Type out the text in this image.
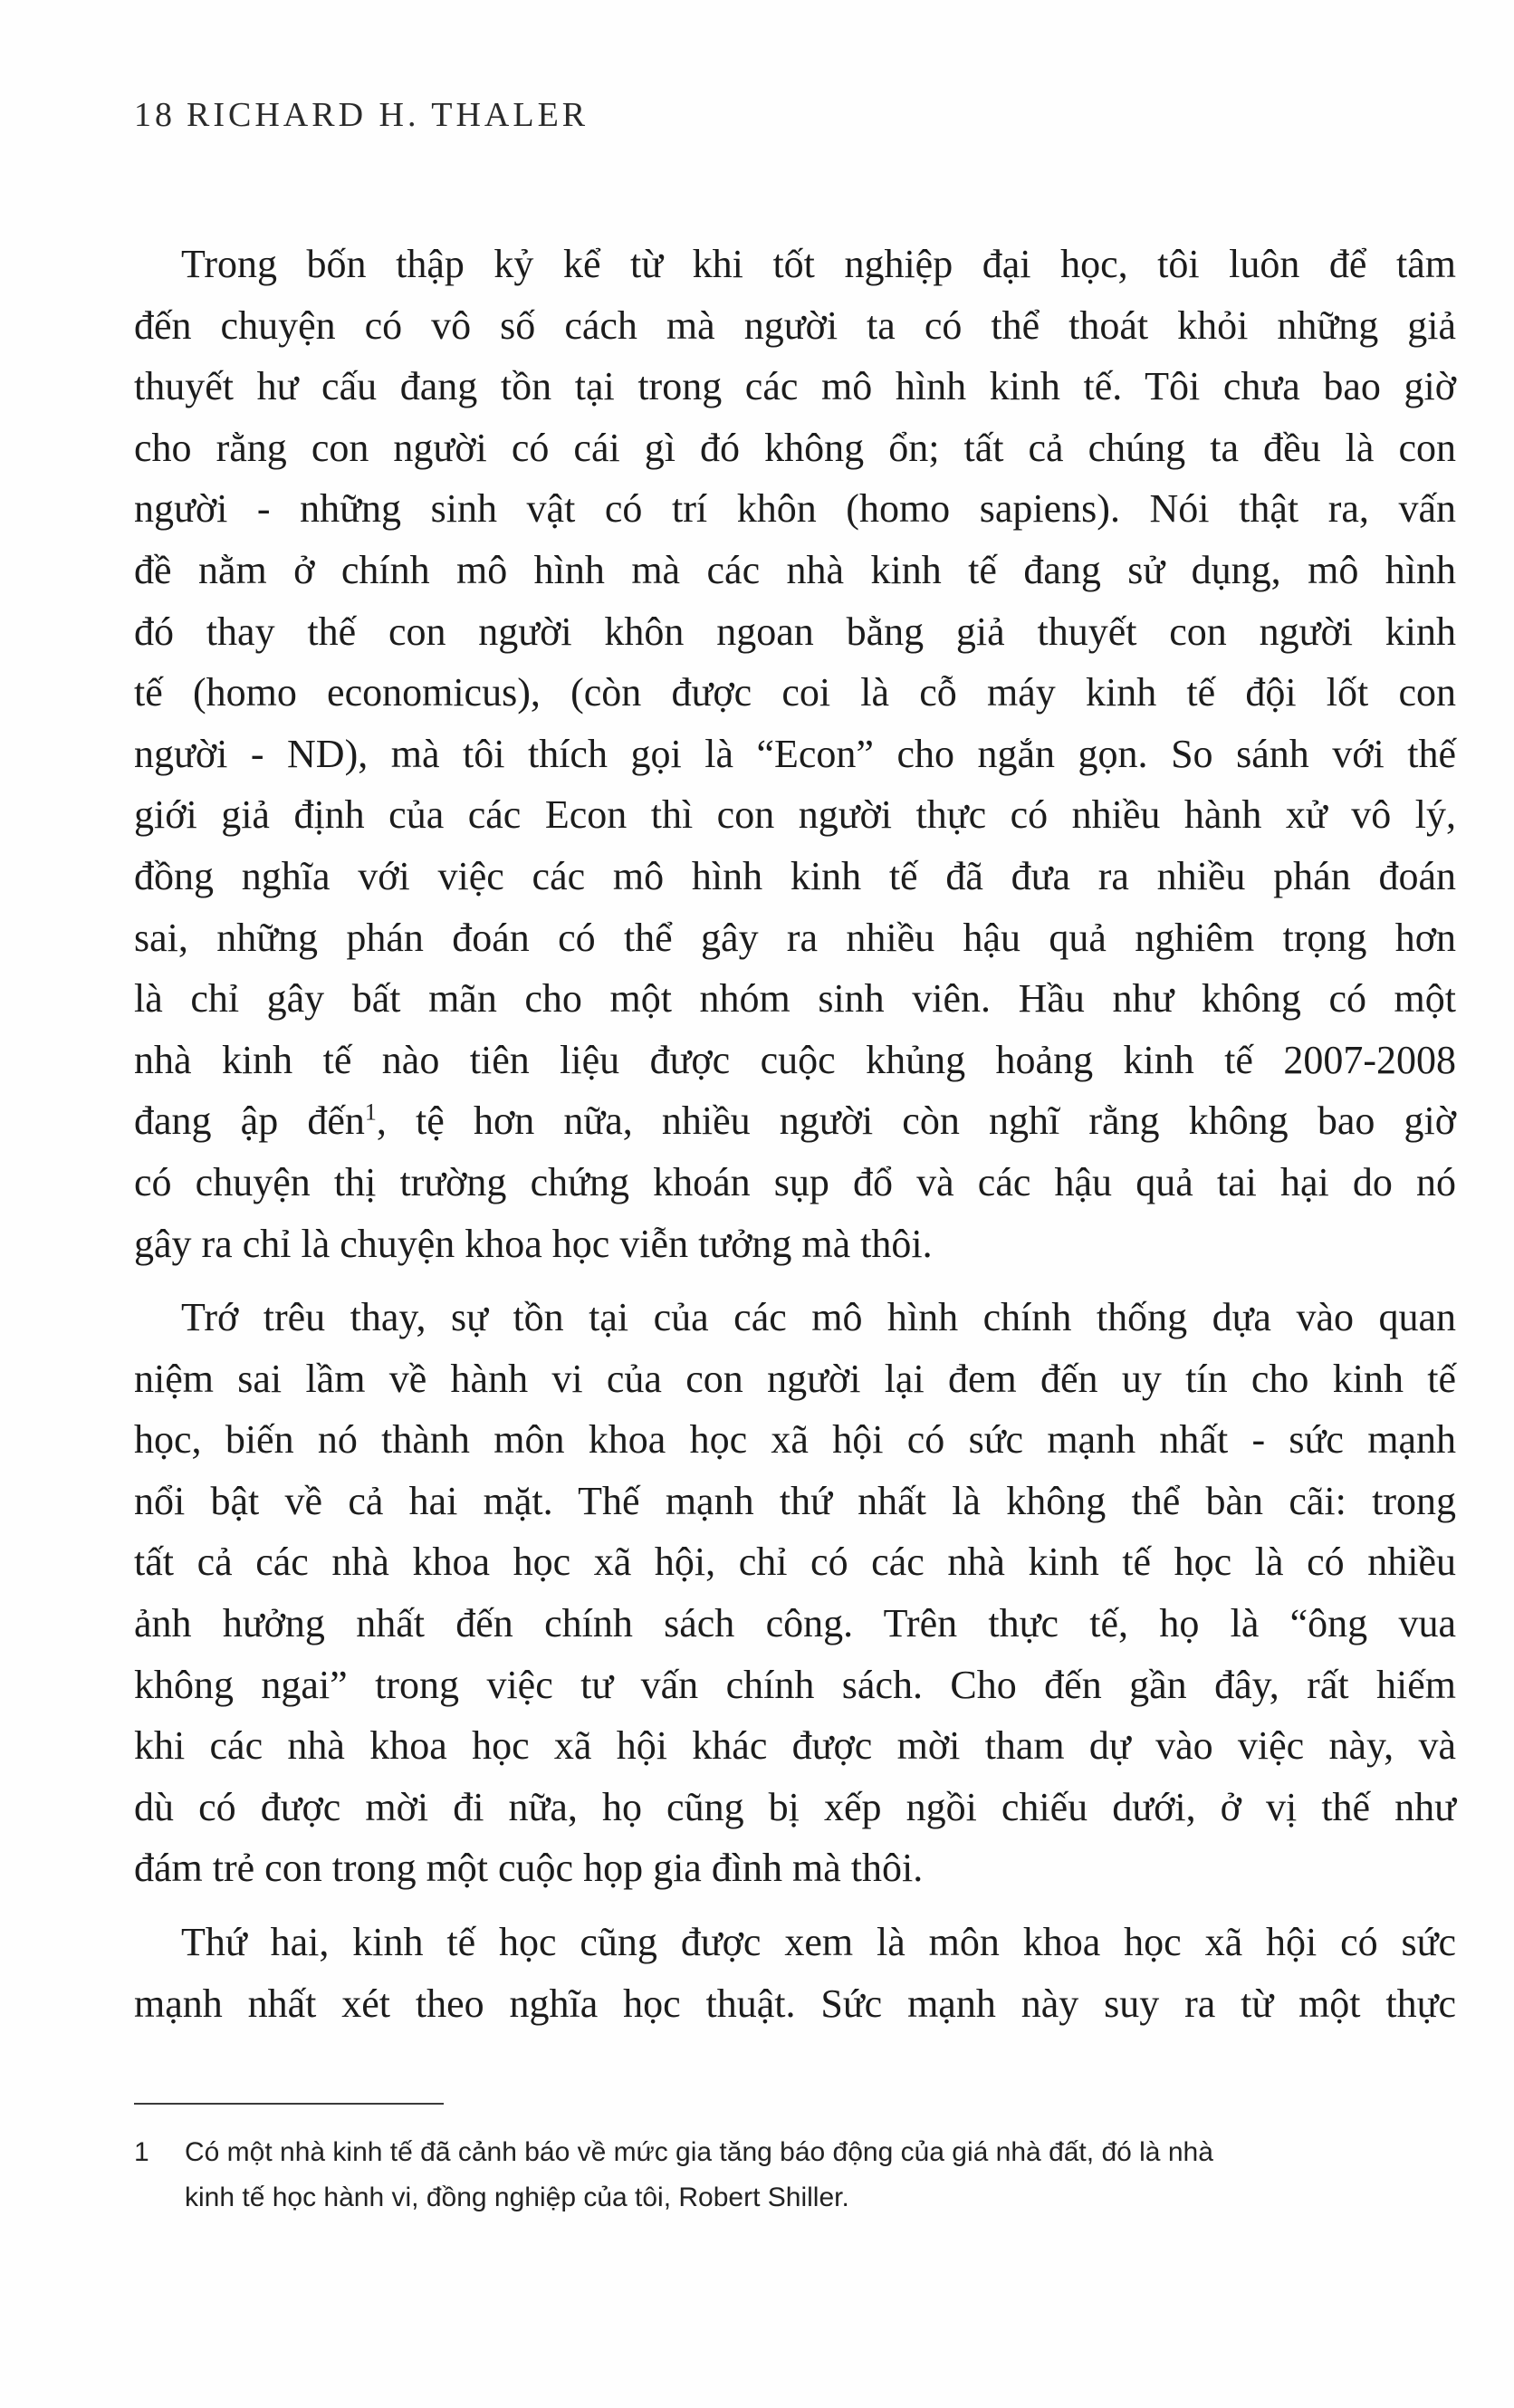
18 RICHARD H. THALER

Trong bốn thập kỷ kể từ khi tốt nghiệp đại học, tôi luôn để tâm
đến chuyện có vô số cách mà người ta có thể thoát khỏi những giả
thuyết hư cấu đang tồn tại trong các mô hình kinh tế. Tôi chưa bao giờ
cho rằng con người có cái gì đó không ổn; tất cả chúng ta đều là con
người - những sinh vật có trí khôn (homo sapiens). Nói thật ra, vấn
đề nằm ở chính mô hình mà các nhà kinh tế đang sử dụng, mô hình
đó thay thế con người khôn ngoan bằng giả thuyết con người kinh
tế (homo economicus), (còn được coi là cỗ máy kinh tế đội lốt con
người - ND), mà tôi thích gọi là “Econ” cho ngắn gọn. So sánh với thế
giới giả định của các Econ thì con người thực có nhiều hành xử vô lý,
đồng nghĩa với việc các mô hình kinh tế đã đưa ra nhiều phán đoán
sai, những phán đoán có thể gây ra nhiều hậu quả nghiêm trọng hơn
là chỉ gây bất mãn cho một nhóm sinh viên. Hầu như không có một
nhà kinh tế nào tiên liệu được cuộc khủng hoảng kinh tế 2007-2008
đang ập đến$^1$, tệ hơn nữa, nhiều người còn nghĩ rằng không bao giờ
có chuyện thị trường chứng khoán sụp đổ và các hậu quả tai hại do nó
gây ra chỉ là chuyện khoa học viễn tưởng mà thôi.

Trớ trêu thay, sự tồn tại của các mô hình chính thống dựa vào quan
niệm sai lầm về hành vi của con người lại đem đến uy tín cho kinh tế
học, biến nó thành môn khoa học xã hội có sức mạnh nhất - sức mạnh
nổi bật về cả hai mặt. Thế mạnh thứ nhất là không thể bàn cãi: trong
tất cả các nhà khoa học xã hội, chỉ có các nhà kinh tế học là có nhiều
ảnh hưởng nhất đến chính sách công. Trên thực tế, họ là “ông vua
không ngai” trong việc tư vấn chính sách. Cho đến gần đây, rất hiếm
khi các nhà khoa học xã hội khác được mời tham dự vào việc này, và
dù có được mời đi nữa, họ cũng bị xếp ngồi chiếu dưới, ở vị thế như
đám trẻ con trong một cuộc họp gia đình mà thôi.

Thứ hai, kinh tế học cũng được xem là môn khoa học xã hội có sức
mạnh nhất xét theo nghĩa học thuật. Sức mạnh này suy ra từ một thực

1 Có một nhà kinh tế đã cảnh báo về mức gia tăng báo động của giá nhà đất, đó là nhà
kinh tế học hành vi, đồng nghiệp của tôi, Robert Shiller.
